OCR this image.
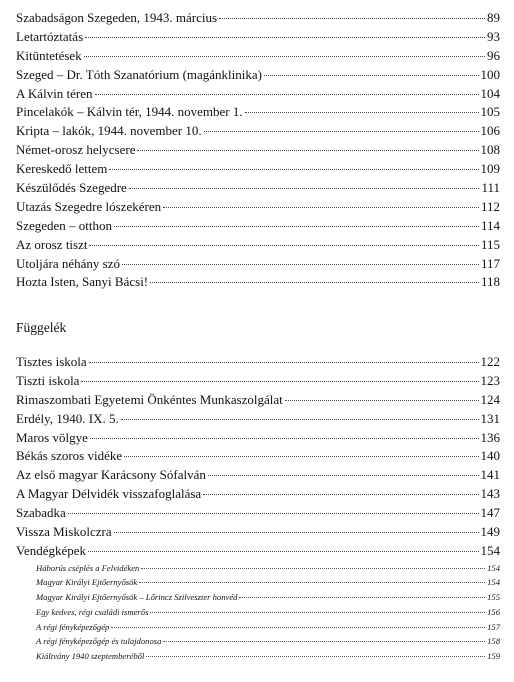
Szabadságon Szegeden, 1943. március	89
Letartóztatás	93
Kitüntetések	96
Szeged – Dr. Tóth Szanatórium (magánklinika)	100
A Kálvin téren	104
Pincelakók – Kálvin tér, 1944. november 1.	105
Kripta – lakók, 1944. november 10.	106
Német-orosz helycsere	108
Kereskedő lettem	109
Készülődés Szegedre	111
Utazás Szegedre lószekéren	112
Szegeden – otthon	114
Az orosz tiszt	115
Utoljára néhány szó	117
Hozta Isten, Sanyi Bácsi!	118
Függelék
Tisztes iskola	122
Tiszti iskola	123
Rimaszombati Egyetemi Önkéntes Munkaszolgálat	124
Erdély, 1940. IX. 5.	131
Maros völgye	136
Békás szoros vidéke	140
Az első magyar Karácsony Sófalván	141
A Magyar Délvidék visszafoglalása	143
Szabadka	147
Vissza Miskolczra	149
Vendégképek	154
Háborús cséplés a Felvidéken	154
Magyar Királyi Ejtőernyősök	154
Magyar Királyi Ejtőernyősök – Lőrincz Szilveszter honvéd	155
Egy kedves, régi családi ismerős	156
A régi fényképezőgép	157
A régi fényképezőgép és tulajdonosa	158
Kiáltvány 1940 szeptemberéből	159
